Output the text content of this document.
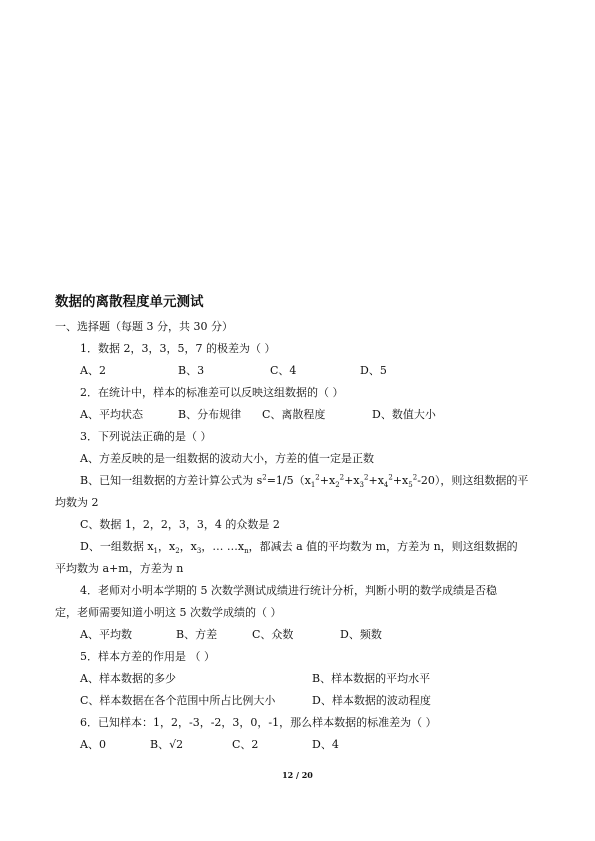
数据的离散程度单元测试
一、选择题（每题 3 分，共 30 分）
1．数据 2，3，3，5，7 的极差为（ ）
A、2	B、3	C、4	D、5
2．在统计中，样本的标准差可以反映这组数据的（ ）
A、平均状态	B、分布规律 C、离散程度	D、数值大小
3．下列说法正确的是（ ）
A、方差反映的是一组数据的波动大小，方差的值一定是正数
B、已知一组数据的方差计算公式为 $s^2=1/5(x_1^2+x_2^2+x_3^2+x_4^2+x_5^2-20)$，则这组数据的平
均数为 2
C、数据 1，2，2，3，3，4 的众数是 2
D、一组数据 $x_1$，$x_2$，$x_3$，… $\dots x_n$，都减去 a 值的平均数为 m，方差为 n，则这组数据的
平均数为 a+m，方差为 n
4．老师对小明本学期的 5 次数学测试成绩进行统计分析，判断小明的数学成绩是否稳
定，老师需要知道小明这 5 次数学成绩的（ ）
A、平均数	B、方差	C、众数	D、频数
5．样本方差的作用是 （ ）
A、样本数据的多少	B、样本数据的平均水平
C、样本数据在各个范围中所占比例大小	D、样本数据的波动程度
6．已知样本：1，2，-3，-2，3，0，-1，那么样本数据的标准差为（ ）
A、0	B、√2	C、2	D、4
12 / 20
